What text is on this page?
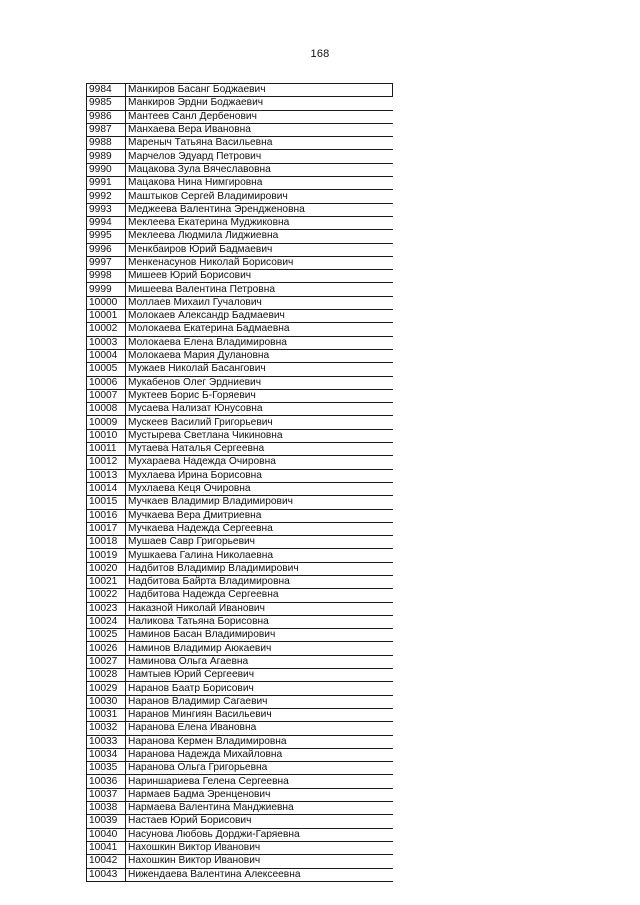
168
9984	Манкиров Басанг Боджаевич
9985	Манкиров Эрдни Боджаевич
9986	Мантеев Санл Дербенович
9987	Манхаева Вера Ивановна
9988	Мареныч Татьяна Васильевна
9989	Марчелов Эдуард Петрович
9990	Мацакова Зула Вячеславовна
9991	Мацакова Нина Нимгировна
9992	Маштыков Сергей Владимирович
9993	Меджеева Валентина Эрендженовна
9994	Меклеева Екатерина Муджиковна
9995	Меклеева Людмила Лиджиевна
9996	Менкбаиров Юрий Бадмаевич
9997	Менкенасунов Николай Борисович
9998	Мишеев Юрий Борисович
9999	Мишеева Валентина Петровна
10000	Моллаев Михаил Гучалович
10001	Молокаев Александр Бадмаевич
10002	Молокаева Екатерина Бадмаевна
10003	Молокаева Елена Владимировна
10004	Молокаева Мария Дулановна
10005	Мужаев Николай Басангович
10006	Мукабенов Олег Эрдниевич
10007	Муктеев Борис Б-Горяевич
10008	Мусаева Нализат Юнусовна
10009	Мускеев Василий Григорьевич
10010	Мустырева Светлана Чикиновна
10011	Мутаева Наталья Сергеевна
10012	Мухараева Надежда Очировна
10013	Мухлаева Ирина Борисовна
10014	Мухлаева Кеця Очировна
10015	Мучкаев Владимир Владимирович
10016	Мучкаева Вера Дмитриевна
10017	Мучкаева Надежда Сергеевна
10018	Мушаев Савр Григорьевич
10019	Мушкаева Галина Николаевна
10020	Надбитов Владимир Владимирович
10021	Надбитова Байрта Владимировна
10022	Надбитова Надежда Сергеевна
10023	Наказной Николай Иванович
10024	Наликова Татьяна Борисовна
10025	Наминов Басан Владимирович
10026	Наминов Владимир Аюкаевич
10027	Наминова Ольга Агаевна
10028	Намтыев Юрий Сергеевич
10029	Наранов Баатр Борисович
10030	Наранов Владимир Сагаевич
10031	Наранов Мингиян Васильевич
10032	Наранова Елена Ивановна
10033	Наранова Кермен Владимировна
10034	Наранова Надежда Михайловна
10035	Наранова Ольга Григорьевна
10036	Нариншариева Гелена Сергеевна
10037	Нармаев Бадма Эренценович
10038	Нармаева Валентина Манджиевна
10039	Настаев Юрий Борисович
10040	Насунова Любовь Дорджи-Гаряевна
10041	Нахошкин Виктор Иванович
10042	Нахошкин Виктор Иванович
10043	Нижендаева Валентина Алексеевна
